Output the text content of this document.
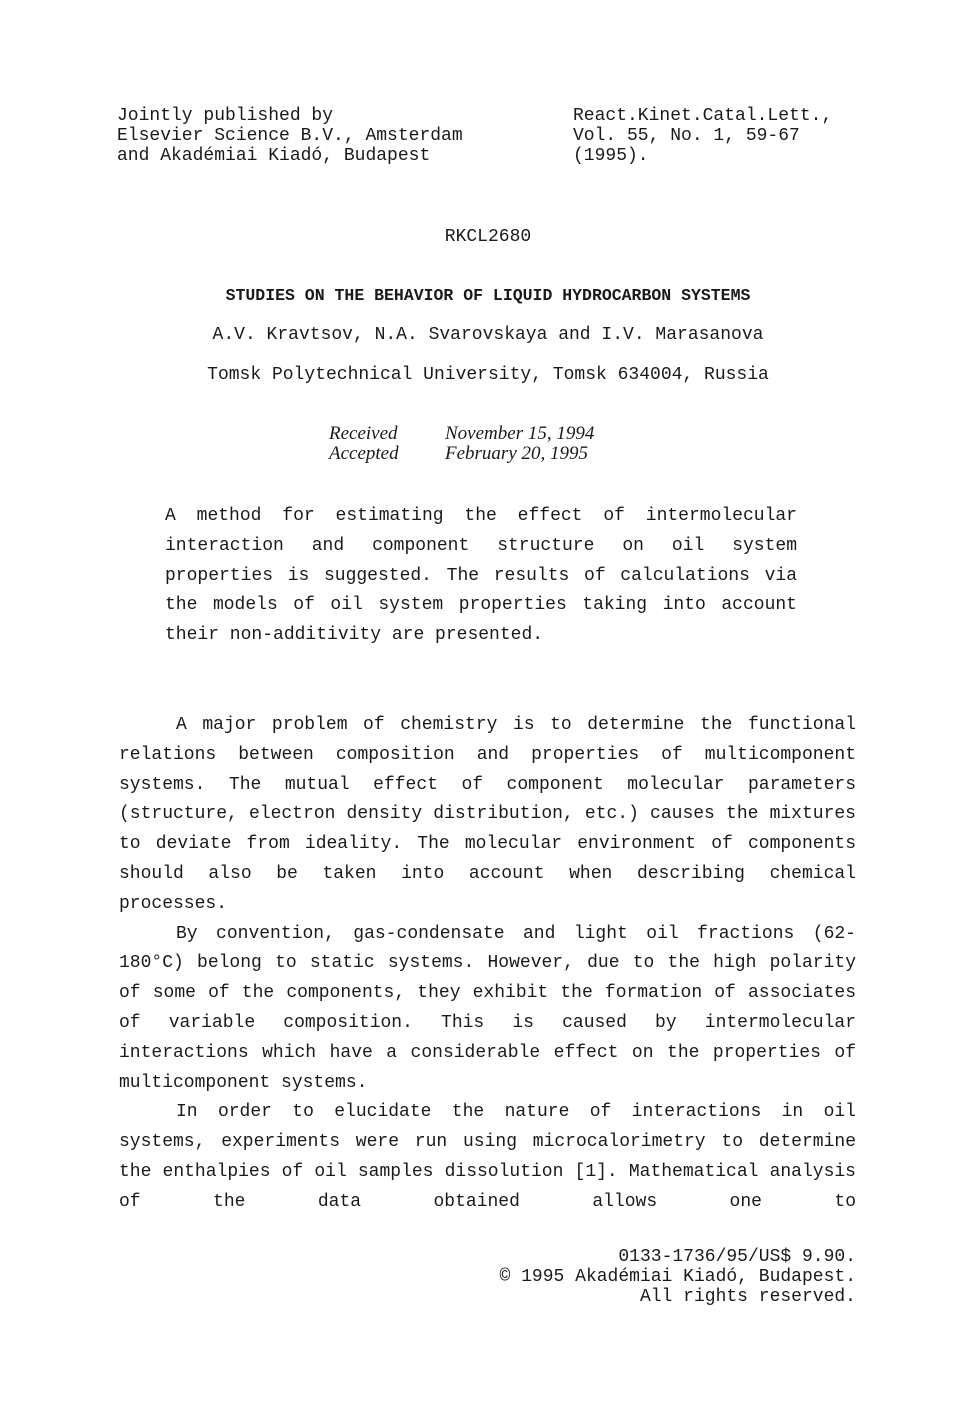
Jointly published by
Elsevier Science B.V., Amsterdam
and Akadémiai Kiadó, Budapest
React.Kinet.Catal.Lett.,
Vol. 55, No. 1, 59-67
(1995).
RKCL2680
STUDIES ON THE BEHAVIOR OF LIQUID HYDROCARBON SYSTEMS
A.V. Kravtsov, N.A. Svarovskaya and I.V. Marasanova
Tomsk Polytechnical University, Tomsk 634004, Russia
Received	November 15, 1994
Accepted	February 20, 1995
A method for estimating the effect of intermolecular interaction and component structure on oil system properties is suggested. The results of calculations via the models of oil system properties taking into account their non-additivity are presented.

A major problem of chemistry is to determine the functional relations between composition and properties of multicomponent systems. The mutual effect of component molecular parameters (structure, electron density distribution, etc.) causes the mixtures to deviate from ideality. The molecular environment of components should also be taken into account when describing chemical processes.

By convention, gas-condensate and light oil fractions (62-180°C) belong to static systems. However, due to the high polarity of some of the components, they exhibit the formation of associates of variable composition. This is caused by intermolecular interactions which have a considerable effect on the properties of multicomponent systems.

In order to elucidate the nature of interactions in oil systems, experiments were run using microcalorimetry to determine the enthalpies of oil samples dissolution [1]. Mathematical analysis of the data obtained allows one to

0133-1736/95/US$ 9.90.
© 1995 Akadémiai Kiadó, Budapest.
All rights reserved.
